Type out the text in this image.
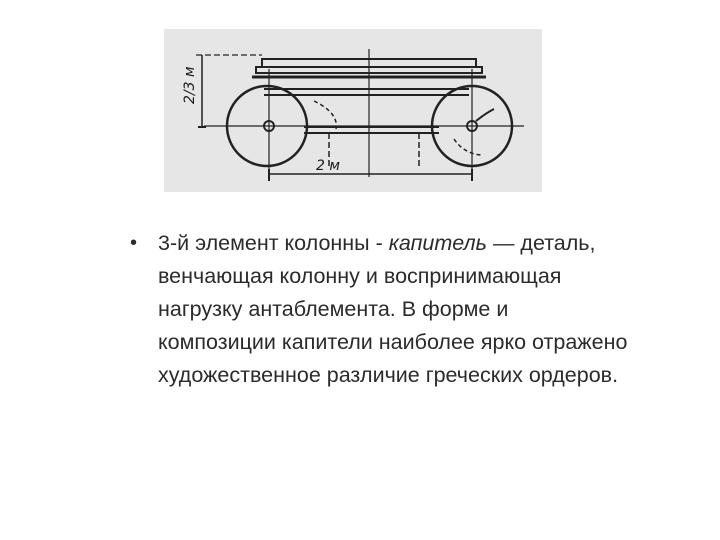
2/3 м
2 м
• 3-й элемент колонны - капитель — деталь, венчающая колонну и воспринимающая нагрузку антаблемента. В форме и композиции капители наиболее ярко отражено художественное различие греческих ордеров.
